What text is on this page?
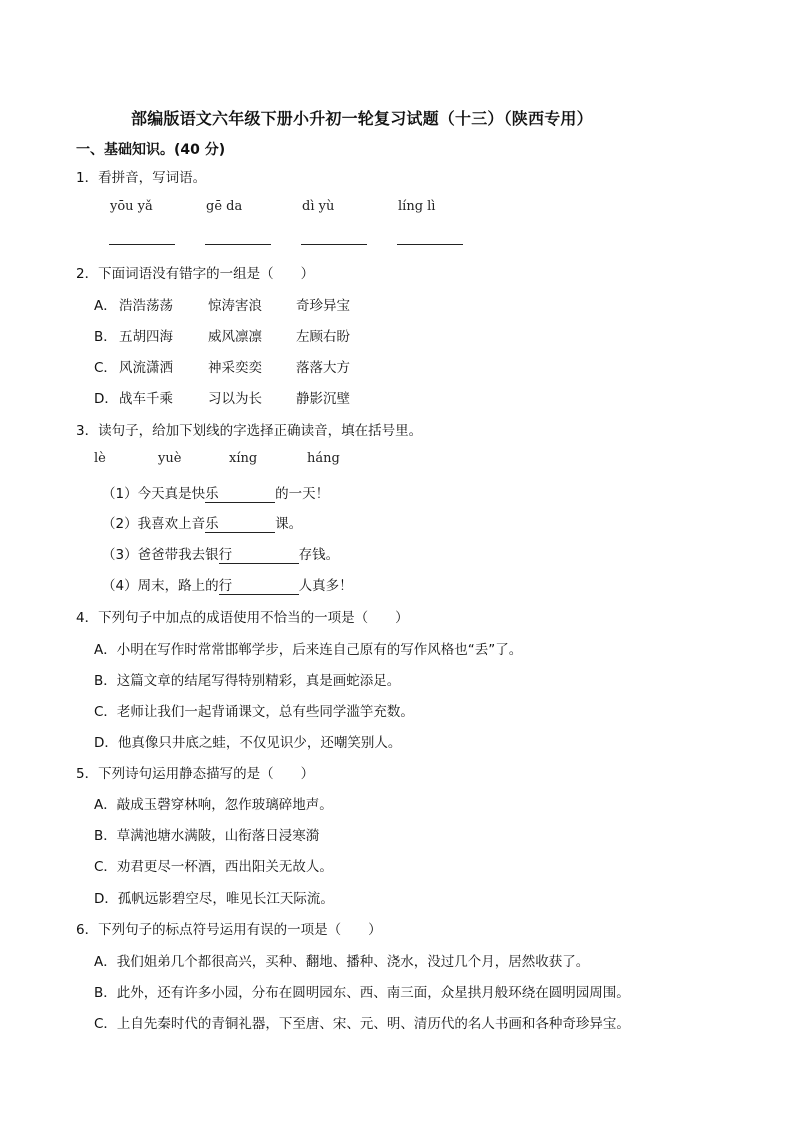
部编版语文六年级下册小升初一轮复习试题（十三）（陕西专用）
一、基础知识。(40 分)
1．看拼音，写词语。
yōu yǎ	gē da	dì yù	líng lì
2．下面词语没有错字的一组是（　　）
A． 浩浩荡荡	惊涛害浪	奇珍异宝
B． 五胡四海	威风凛凛	左顾右盼
C． 风流潇洒	神采奕奕	落落大方
D． 战车千乘	习以为长	静影沉壁
3．读句子，给加下划线的字选择正确读音，填在括号里。
lè	yuè	xíng	háng
（1）今天真是快乐	的一天！
（2）我喜欢上音乐	课。
（3）爸爸带我去银行	存钱。
（4）周末，路上的行	人真多！
4．下列句子中加点的成语使用不恰当的一项是（　　）
A．小明在写作时常常邯郸学步，后来连自己原有的写作风格也“丢”了。
B．这篇文章的结尾写得特别精彩，真是画蛇添足。
C．老师让我们一起背诵课文，总有些同学滥竽充数。
D．他真像只井底之蛙，不仅见识少，还嘲笑别人。
5．下列诗句运用静态描写的是（　　）
A．敲成玉磬穿林响，忽作玻璃碎地声。
B．草满池塘水满陂，山衔落日浸寒漪
C．劝君更尽一杯酒，西出阳关无故人。
D．孤帆远影碧空尽，唯见长江天际流。
6．下列句子的标点符号运用有误的一项是（　　）
A．我们姐弟几个都很高兴，买种、翻地、播种、浇水，没过几个月，居然收获了。
B．此外，还有许多小园，分布在圆明园东、西、南三面，众星拱月般环绕在圆明园周围。
C．上自先秦时代的青铜礼器，下至唐、宋、元、明、清历代的名人书画和各种奇珍异宝。
